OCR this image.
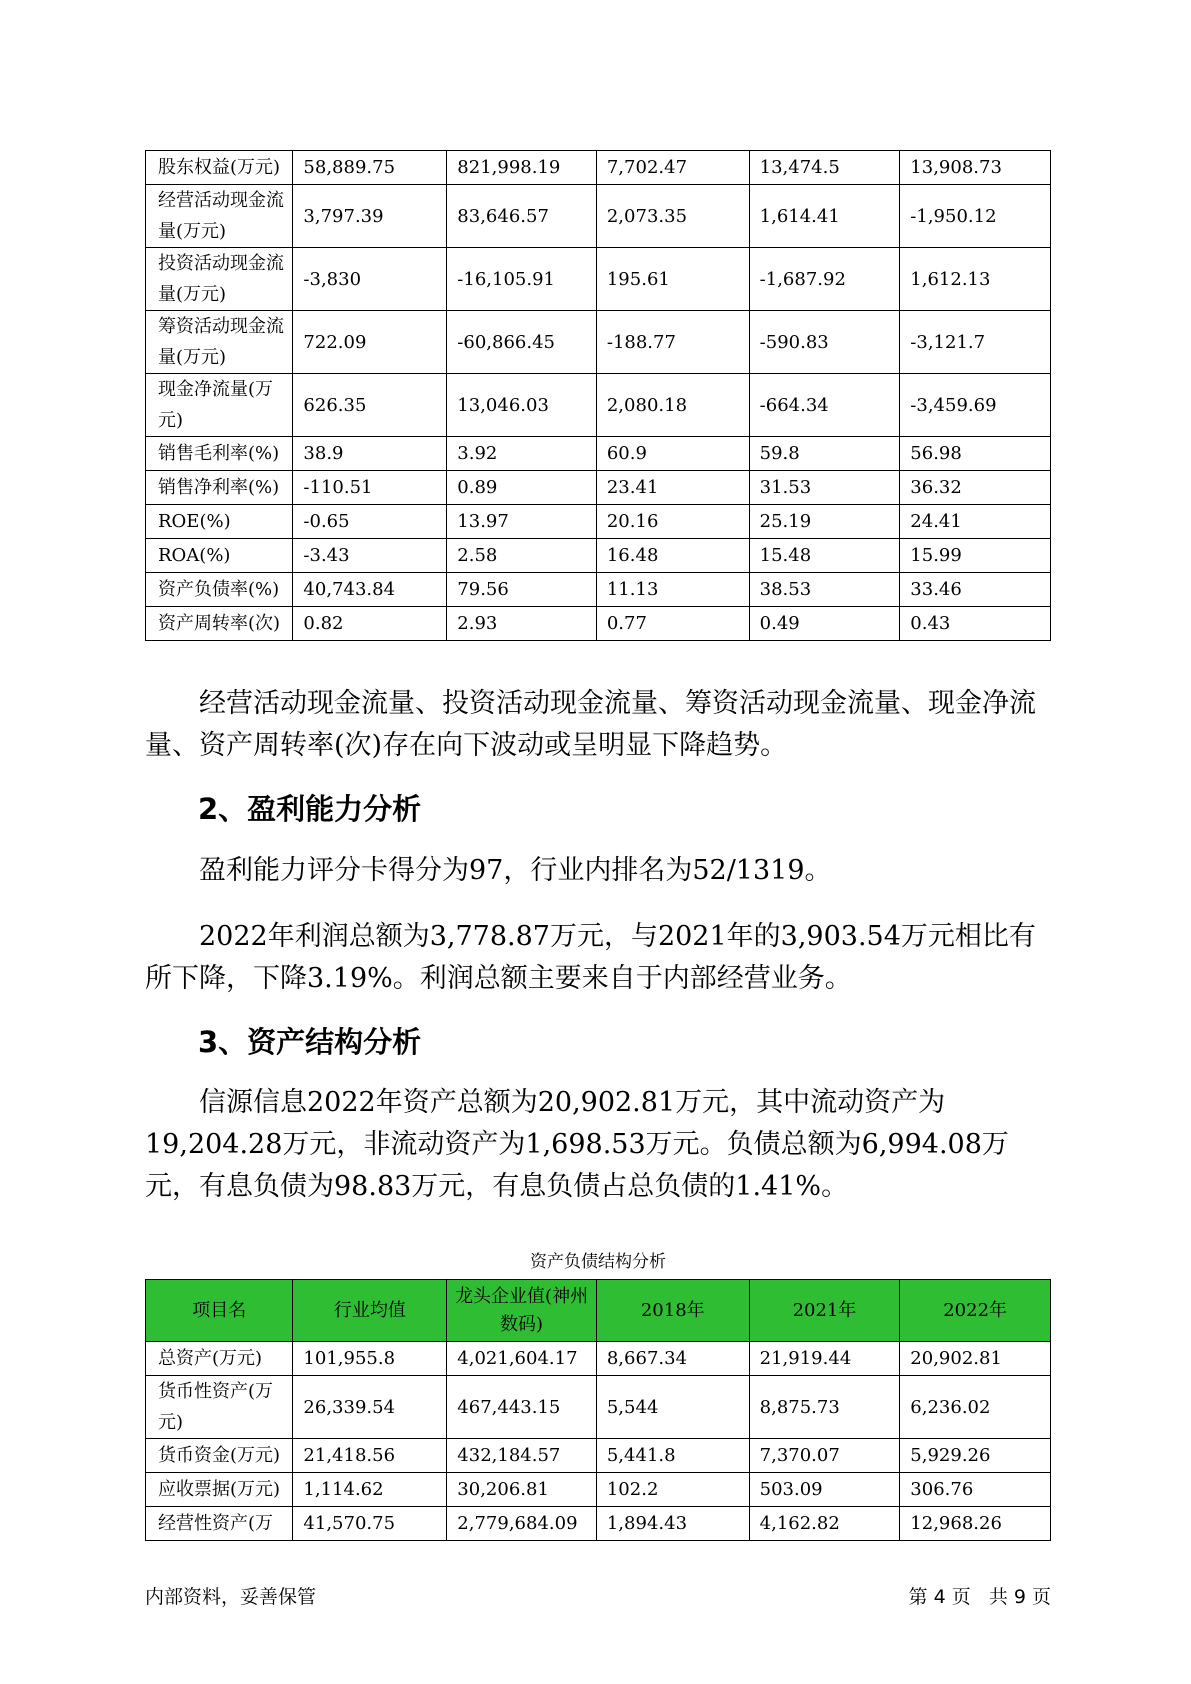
股东权益(万元)	58,889.75	821,998.19	7,702.47	13,474.5	13,908.73
经营活动现金流量(万元)	3,797.39	83,646.57	2,073.35	1,614.41	-1,950.12
投资活动现金流量(万元)	-3,830	-16,105.91	195.61	-1,687.92	1,612.13
筹资活动现金流量(万元)	722.09	-60,866.45	-188.77	-590.83	-3,121.7
现金净流量(万元)	626.35	13,046.03	2,080.18	-664.34	-3,459.69
销售毛利率(%)	38.9	3.92	60.9	59.8	56.98
销售净利率(%)	-110.51	0.89	23.41	31.53	36.32
ROE(%)	-0.65	13.97	20.16	25.19	24.41
ROA(%)	-3.43	2.58	16.48	15.48	15.99
资产负债率(%)	40,743.84	79.56	11.13	38.53	33.46
资产周转率(次)	0.82	2.93	0.77	0.49	0.43

经营活动现金流量、投资活动现金流量、筹资活动现金流量、现金净流量、资产周转率(次)存在向下波动或呈明显下降趋势。

2、盈利能力分析

盈利能力评分卡得分为97，行业内排名为52/1319。

2022年利润总额为3,778.87万元，与2021年的3,903.54万元相比有所下降，下降3.19%。利润总额主要来自于内部经营业务。

3、资产结构分析

信源信息2022年资产总额为20,902.81万元，其中流动资产为19,204.28万元，非流动资产为1,698.53万元。负债总额为6,994.08万元，有息负债为98.83万元，有息负债占总负债的1.41%。

资产负债结构分析

项目名	行业均值	龙头企业值(神州数码)	2018年	2021年	2022年
总资产(万元)	101,955.8	4,021,604.17	8,667.34	21,919.44	20,902.81
货币性资产(万元)	26,339.54	467,443.15	5,544	8,875.73	6,236.02
货币资金(万元)	21,418.56	432,184.57	5,441.8	7,370.07	5,929.26
应收票据(万元)	1,114.62	30,206.81	102.2	503.09	306.76
经营性资产(万	41,570.75	2,779,684.09	1,894.43	4,162.82	12,968.26
内部资料，妥善保管	第 4 页   共 9 页
